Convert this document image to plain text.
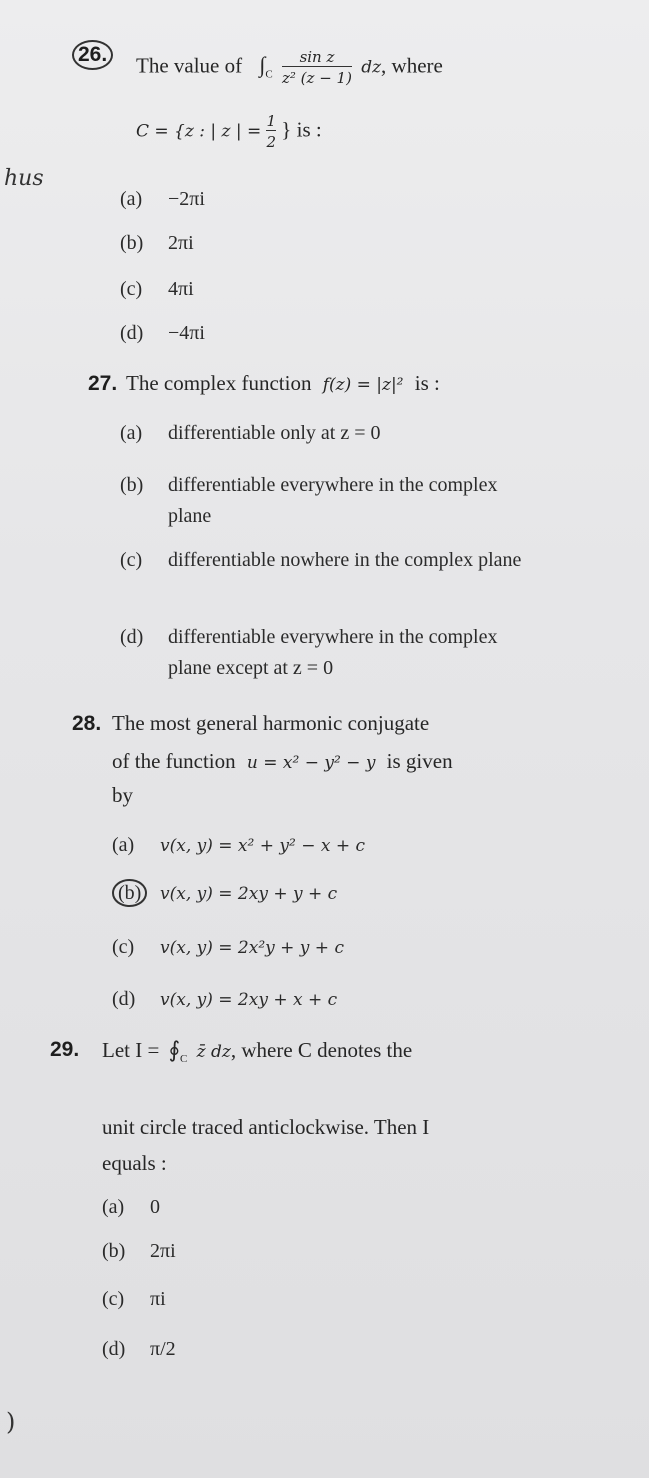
26. The value of $\int_C \frac{\text{sin z}}{\text{z² (z − 1)}}$ dz, where
C = {z : | z | = $\frac{1}{2}$ } is :
hus
(a) −2πi
(b) 2πi
(c) 4πi
(d) −4πi
27. The complex function f(z) = |z|² is :
(a) differentiable only at z = 0
(b)	differentiable everywhere in the complex plane
(c)	differentiable nowhere in the complex plane
(d)	differentiable everywhere in the complex plane except at z = 0
28. The most general harmonic conjugate
of the function u = x² − y² − y is given
by
(a) v(x, y) = x² + y² − x + c
(b) v(x, y) = 2xy + y + c
(c) v(x, y) = 2x²y + y + c
(d) v(x, y) = 2xy + x + c
29. Let $I = ∮_C$ z̄ dz, where C denotes the
unit circle traced anticlockwise. Then I
equals :
(a) 0
(b) 2πi
(c) πi
(d) π/2
)
